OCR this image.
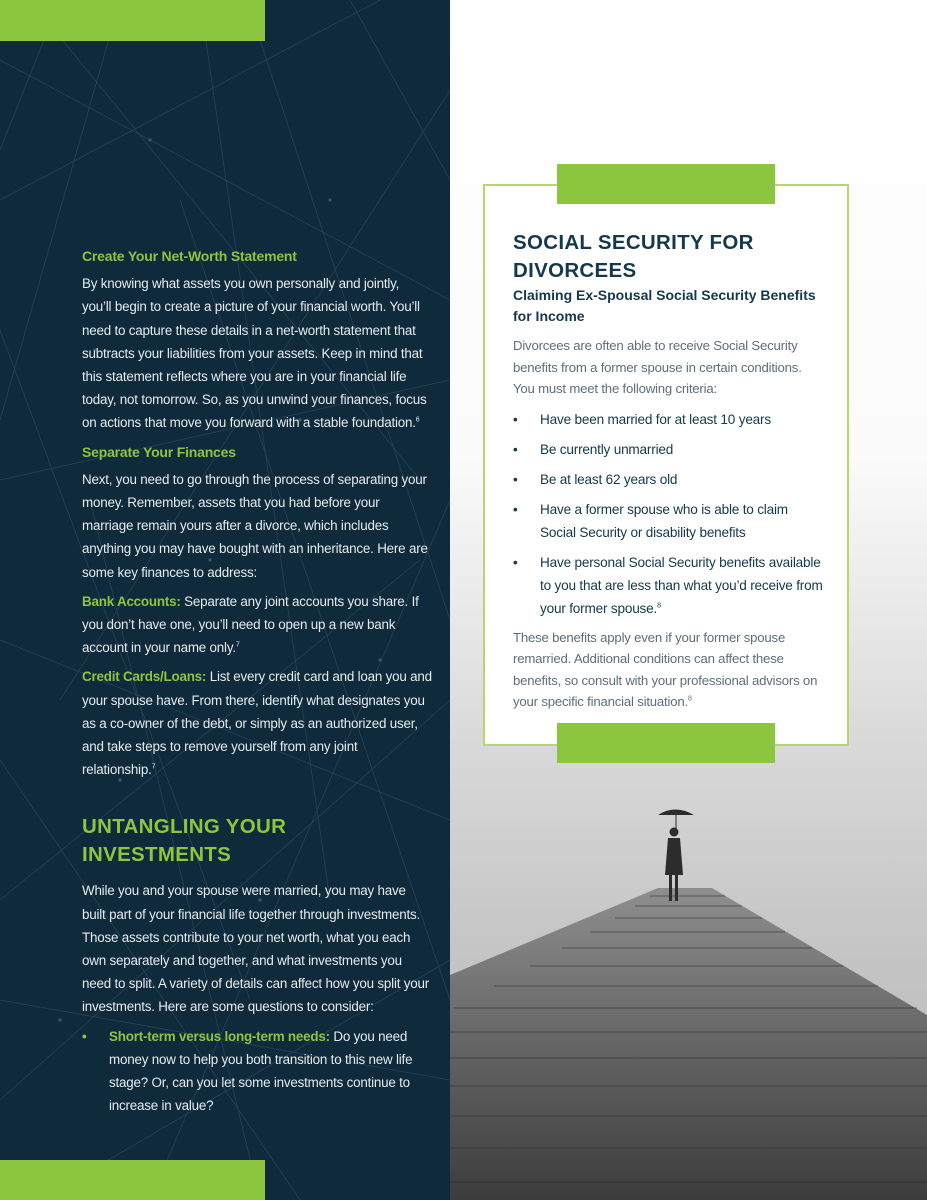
Create Your Net-Worth Statement

By knowing what assets you own personally and jointly, you’ll begin to create a picture of your financial worth. You’ll need to capture these details in a net-worth statement that subtracts your liabilities from your assets. Keep in mind that this statement reflects where you are in your financial life today, not tomorrow. So, as you unwind your finances, focus on actions that move you forward with a stable foundation.$^6$

Separate Your Finances

Next, you need to go through the process of separating your money. Remember, assets that you had before your marriage remain yours after a divorce, which includes anything you may have bought with an inheritance. Here are some key finances to address:

Bank Accounts: Separate any joint accounts you share. If you don’t have one, you’ll need to open up a new bank account in your name only.$^7$

Credit Cards/Loans: List every credit card and loan you and your spouse have. From there, identify what designates you as a co-owner of the debt, or simply as an authorized user, and take steps to remove yourself from any joint relationship.$^7$

UNTANGLING YOUR INVESTMENTS

While you and your spouse were married, you may have built part of your financial life together through investments. Those assets contribute to your net worth, what you each own separately and together, and what investments you need to split. A variety of details can affect how you split your investments. Here are some questions to consider:

• Short-term versus long-term needs: Do you need money now to help you both transition to this new life stage? Or, can you let some investments continue to increase in value?
SOCIAL SECURITY FOR DIVORCEES
Claiming Ex-Spousal Social Security Benefits for Income

Divorcees are often able to receive Social Security benefits from a former spouse in certain conditions. You must meet the following criteria:

• Have been married for at least 10 years
• Be currently unmarried
• Be at least 62 years old
• Have a former spouse who is able to claim Social Security or disability benefits
• Have personal Social Security benefits available to you that are less than what you’d receive from your former spouse.$^8$

These benefits apply even if your former spouse remarried. Additional conditions can affect these benefits, so consult with your professional advisors on your specific financial situation.$^8$
